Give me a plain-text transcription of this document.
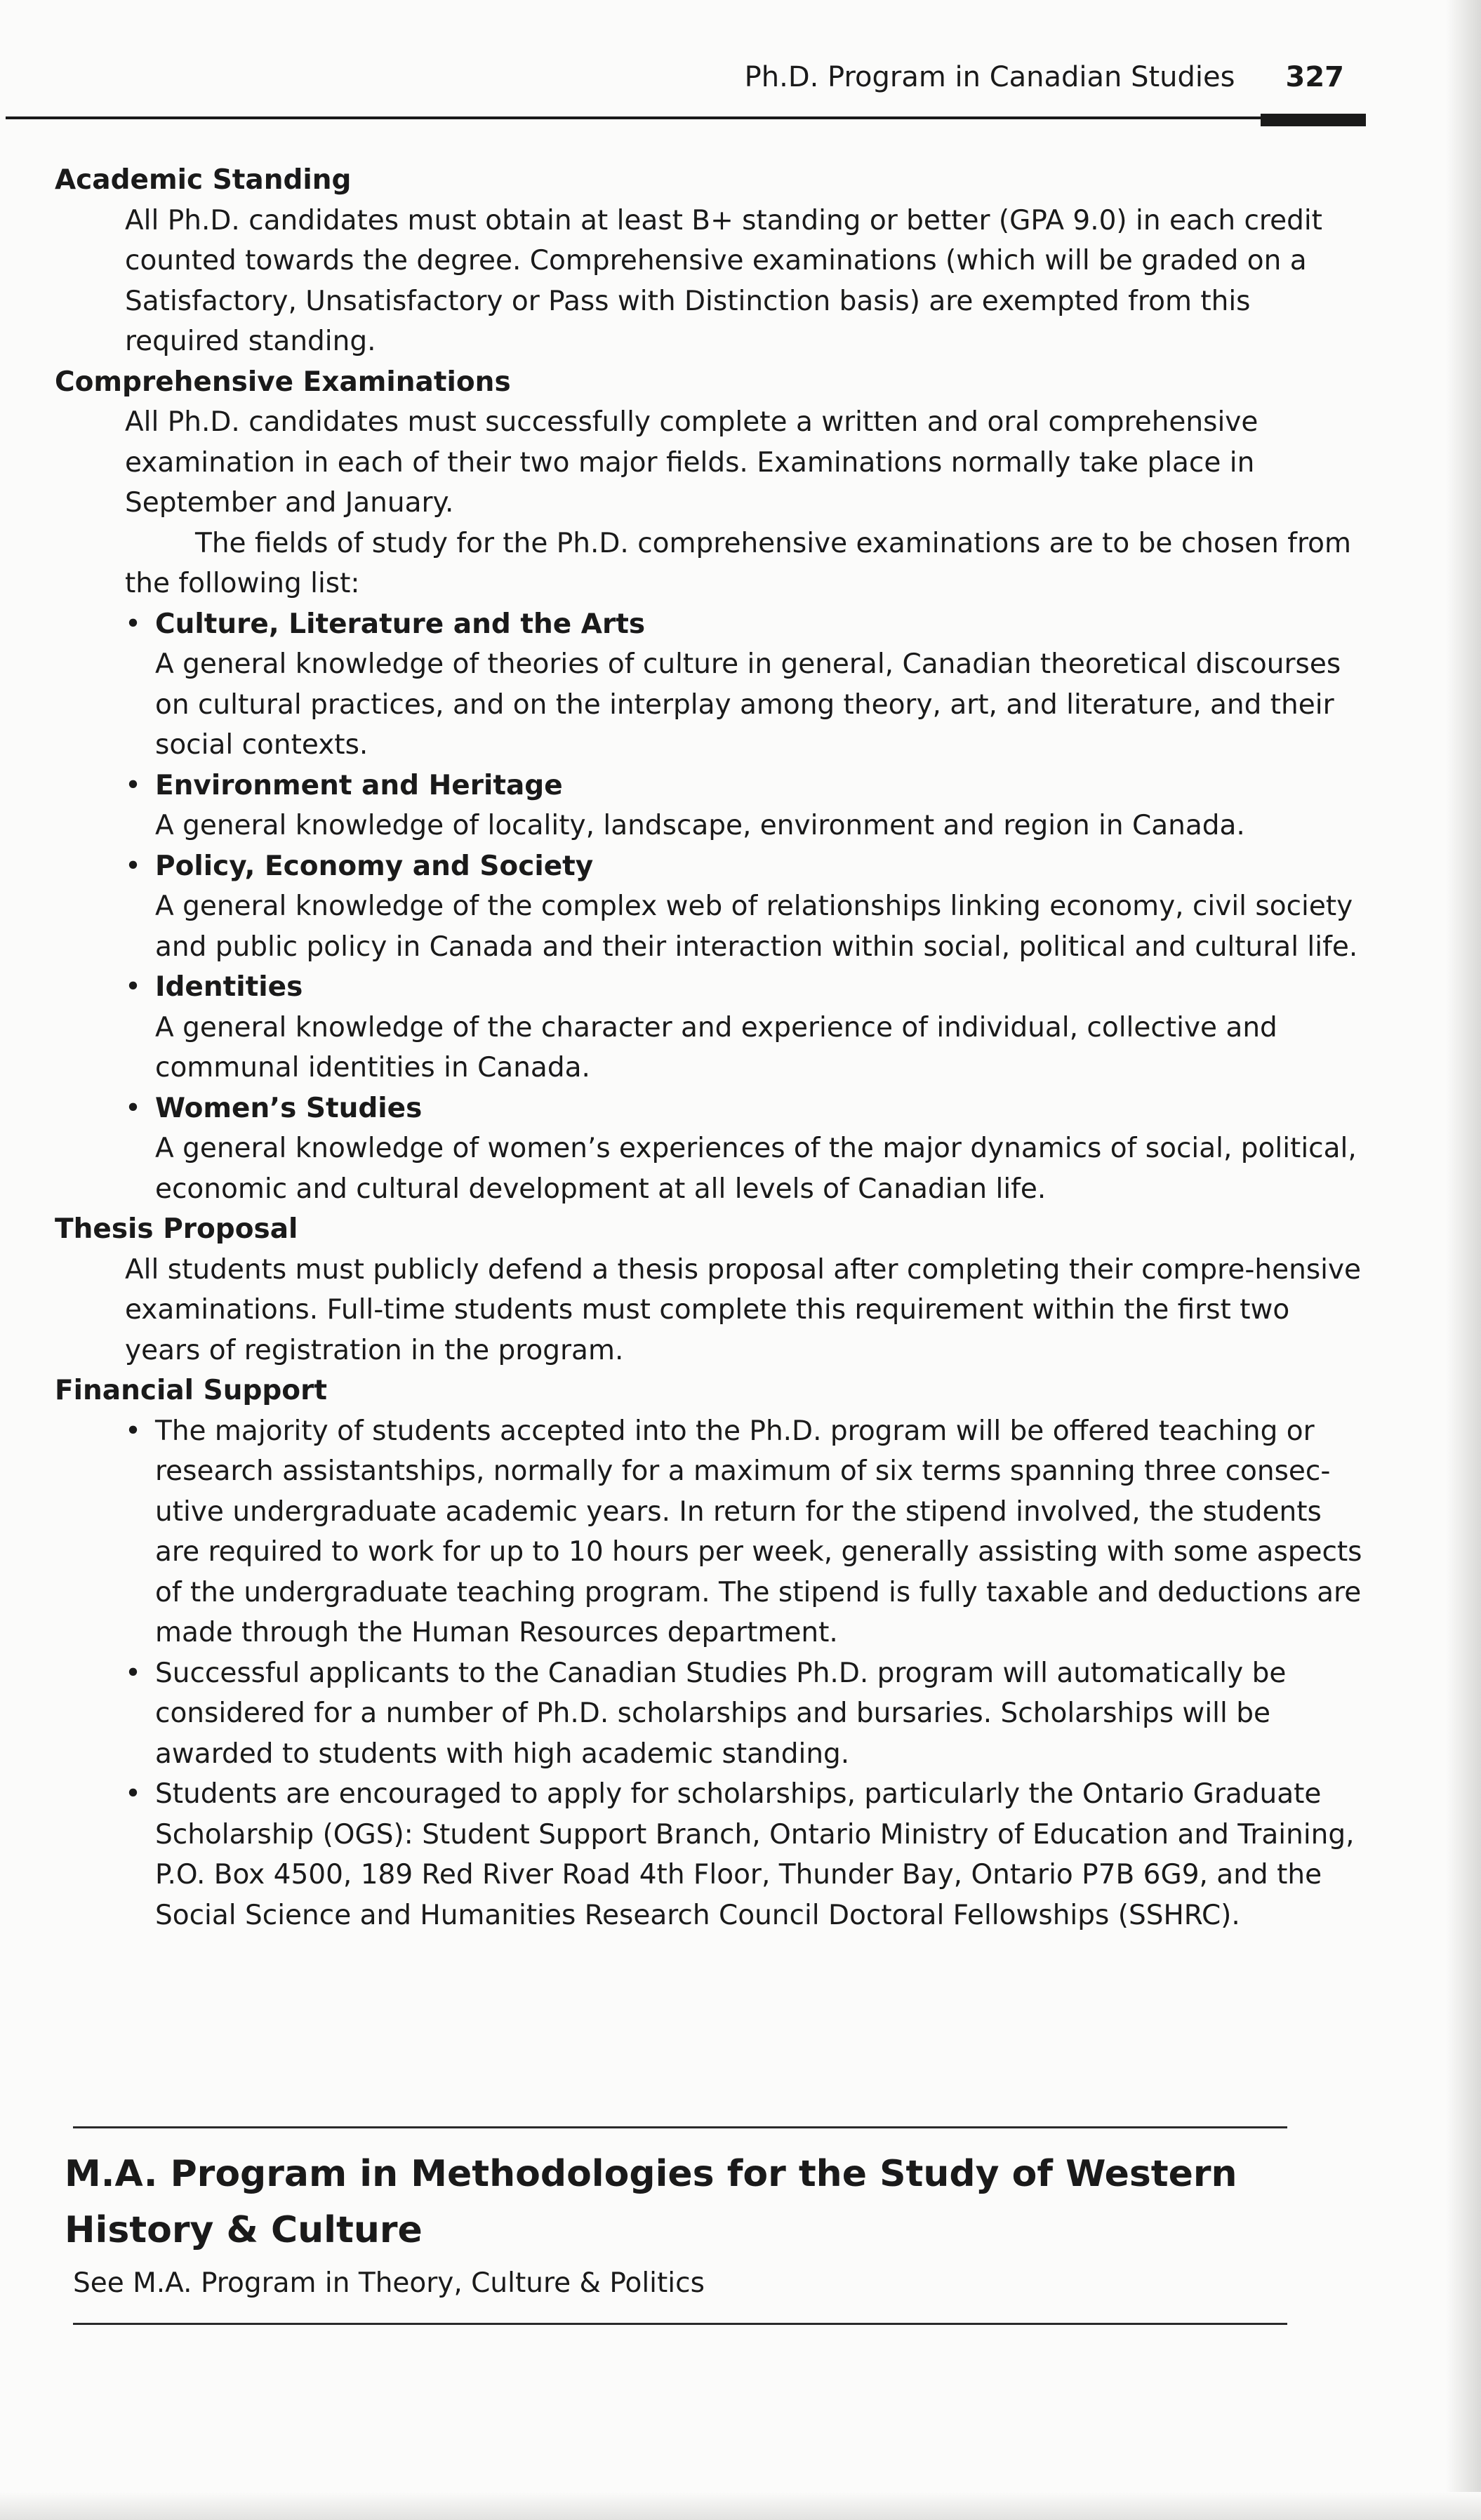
Ph.D. Program in Canadian Studies 327

Academic Standing

All Ph.D. candidates must obtain at least B+ standing or better (GPA 9.0) in each credit counted towards the degree. Comprehensive examinations (which will be graded on a Satisfactory, Unsatisfactory or Pass with Distinction basis) are exempted from this required standing.

Comprehensive Examinations

All Ph.D. candidates must successfully complete a written and oral comprehensive examination in each of their two major fields. Examinations normally take place in September and January.

The fields of study for the Ph.D. comprehensive examinations are to be chosen from the following list:

• Culture, Literature and the Arts
A general knowledge of theories of culture in general, Canadian theoretical discourses on cultural practices, and on the interplay among theory, art, and literature, and their social contexts.
• Environment and Heritage
A general knowledge of locality, landscape, environment and region in Canada.
• Policy, Economy and Society
A general knowledge of the complex web of relationships linking economy, civil society and public policy in Canada and their interaction within social, political and cultural life.
• Identities
A general knowledge of the character and experience of individual, collective and communal identities in Canada.
• Women’s Studies
A general knowledge of women’s experiences of the major dynamics of social, political, economic and cultural development at all levels of Canadian life.

Thesis Proposal

All students must publicly defend a thesis proposal after completing their compre-hensive examinations. Full-time students must complete this requirement within the first two years of registration in the program.

Financial Support

• The majority of students accepted into the Ph.D. program will be offered teaching or research assistantships, normally for a maximum of six terms spanning three consec-utive undergraduate academic years. In return for the stipend involved, the students are required to work for up to 10 hours per week, generally assisting with some aspects of the undergraduate teaching program. The stipend is fully taxable and deductions are made through the Human Resources department.
• Successful applicants to the Canadian Studies Ph.D. program will automatically be considered for a number of Ph.D. scholarships and bursaries. Scholarships will be awarded to students with high academic standing.
• Students are encouraged to apply for scholarships, particularly the Ontario Graduate Scholarship (OGS): Student Support Branch, Ontario Ministry of Education and Training, P.O. Box 4500, 189 Red River Road 4th Floor, Thunder Bay, Ontario P7B 6G9, and the Social Science and Humanities Research Council Doctoral Fellowships (SSHRC).
M.A. Program in Methodologies for the Study of Western History & Culture

See M.A. Program in Theory, Culture & Politics
